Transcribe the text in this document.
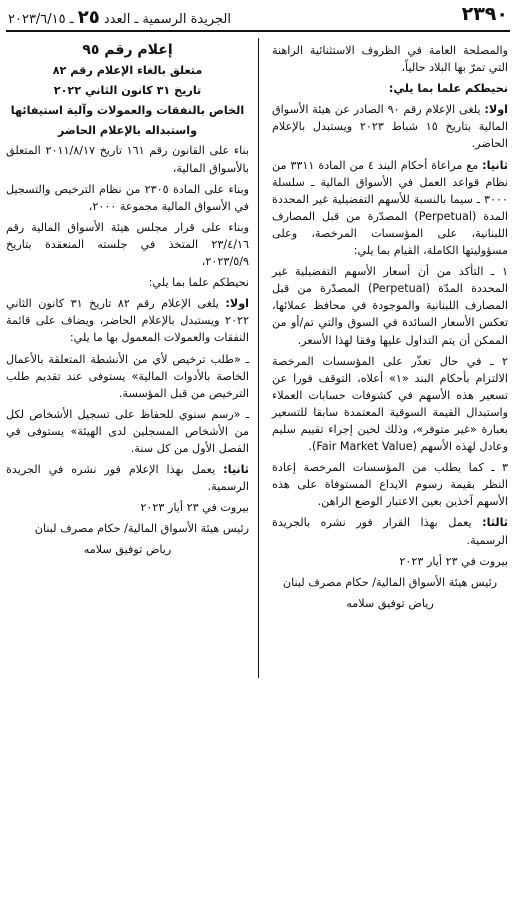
٢٣٩٠
الجريدة الرسمية ـ العدد ٢٥ ـ ٢٠٢٣/٦/١٥

والمصلحة العامة في الظروف الاستثنائية الراهنة التي تمرّ بها البلاد حالياً،

نحيطكم علما بما يلي:

اولا: يلغى الإعلام رقم ٩٠ الصادر عن هيئة الأسواق المالية بتاريخ ١٥ شباط ٢٠٢٣ ويستبدل بالإعلام الحاضر.

ثانيا: مع مراعاة أحكام البند ٤ من المادة ٣٣١١ من نظام قواعد العمل في الأسواق المالية ـ سلسلة ٣٠٠٠ ـ سيما بالنسبة للأسهم التفضيلية غير المحددة المدة (Perpetual) المصدّرة من قبل المصارف اللبنانية، على المؤسسات المرخصة، وعلى مسؤوليتها الكاملة، القيام بما يلي:

١ ـ التأكد من أن أسعار الأسهم التفضيلية غير المحددة المدّة (Perpetual) المصدّرة من قبل المصارف اللبنانية والموجودة في محافظ عملائها، تعكس الأسعار السائدة في السوق والتي تم/أو من الممكن أن يتم التداول عليها وفقا لهذا الأسعر.

٢ ـ في حال تعذّر على المؤسسات المرخصة الالتزام بأحكام البند «١» أعلاه، التوقف فورا عن تسعير هذه الأسهم في كشوفات حسابات العملاء واستبدال القيمة السوقية المعتمدة سابقا للتسعير بعبارة «غير متوفر»، وذلك لحين إجراء تقييم سليم وعادل لهذه الأسهم (Fair Market Value).

٣ ـ كما يطلب من المؤسسات المرخصة إعادة النظر بقيمة رسوم الايداع المستوفاة على هذه الأسهم آخذين بعين الاعتبار الوضع الراهن.

ثالثا: يعمل بهذا القرار فور نشره بالجريدة الرسمية.

بيروت في ٢٣ أيار ٢٠٢٣

رئيس هيئة الأسواق المالية/ حكام مصرف لبنان

رياض توفيق سلامه

إعلام رقم ٩٥

متعلق بالغاء الإعلام رقم ٨٢

تاريخ ٣١ كانون الثاني ٢٠٢٢

الخاص بالنفقات والعمولات وآلية استيفائها

واستبداله بالإعلام الحاضر

بناء على القانون رقم ١٦١ تاريخ ٢٠١١/٨/١٧ المتعلق بالأسواق المالية،

وبناء على المادة ٢٣٠٥ من نظام الترخيص والتسجيل في الأسواق المالية مجموعة ٢٠٠٠،

وبناء على قرار مجلس هيئة الأسواق المالية رقم ٢٣/٤/١٦ المتخذ في جلسته المنعقدة بتاريخ ٢٠٢٣/٥/٩،

نحيطكم علما بما يلي:

اولا: يلغى الإعلام رقم ٨٢ تاريخ ٣١ كانون الثاني ٢٠٢٢ ويستبدل بالإعلام الحاضر، ويضاف على قائمة النفقات والعمولات المعمول بها ما يلي:

ـ «طلب ترخيص لأي من الأنشطة المتعلقة بالأعمال الخاصة بالأدوات المالية» يستوفى عند تقديم طلب الترخيص من قبل المؤسسة.

ـ «رسم سنوي للحفاظ على تسجيل الأشخاص لكل من الأشخاص المسجلين لدى الهيئة» يستوفى في الفصل الأول من كل سنة.

ثانيا: يعمل بهذا الإعلام فور نشره في الجريدة الرسمية.

بيروت في ٢٣ أيار ٢٠٢٣

رئيس هيئة الأسواق المالية/ حكام مصرف لبنان

رياض توفيق سلامه
